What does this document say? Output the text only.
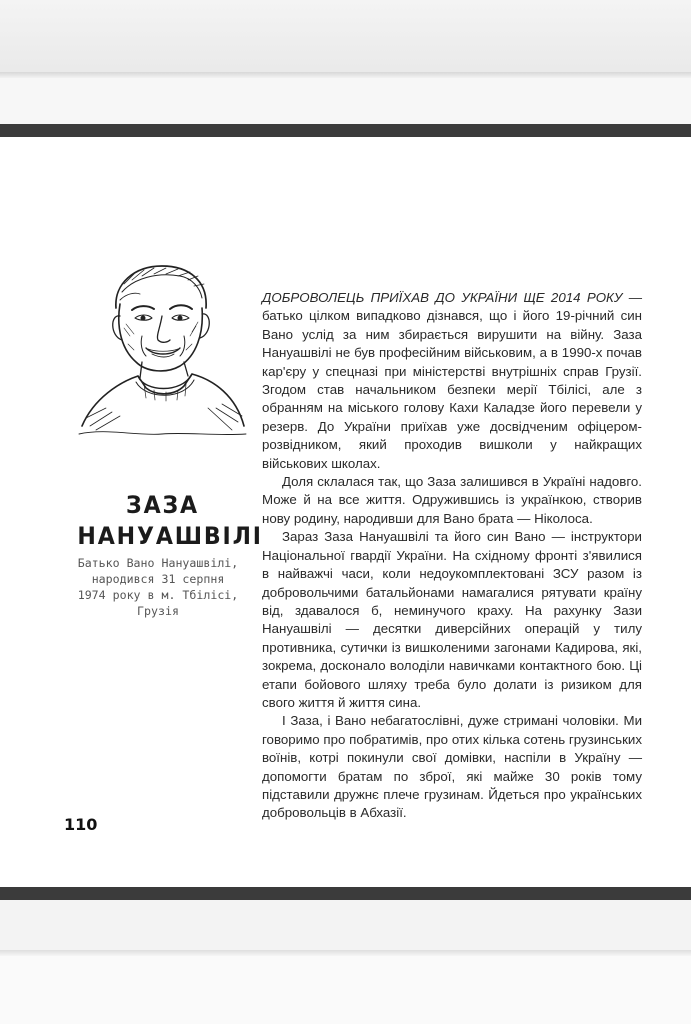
ЗАЗА
НАНУАШВІЛІ
Батько Вано Нануашвілі,
народився 31 серпня
1974 року в м. Тбілісі,
Грузія

ДОБРОВОЛЕЦЬ ПРИЇХАВ ДО УКРАЇНИ ЩЕ 2014 РОКУ — батько цілком випадково дізнався, що і його 19-річний син Вано услід за ним збирається вирушити на війну. Заза Нануашвілі не був професійним військовим, а в 1990-х почав кар'єру у спецназі при міністерстві внутрішніх справ Грузії. Згодом став начальником безпеки мерії Тбілісі, але з обранням на міського голову Кахи Каладзе його перевели у резерв. До України приїхав уже досвідченим офіцером-розвідником, який проходив вишколи у найкращих військових школах.

Доля склалася так, що Заза залишився в Україні надовго. Може й на все життя. Одружившись із українкою, створив нову родину, народивши для Вано брата — Ніколоса.

Зараз Заза Нануашвілі та його син Вано — інструктори Національної гвардії України. На східному фронті з'явилися в найважчі часи, коли недоукомплектовані ЗСУ разом із добровольчими батальйонами намагалися рятувати країну від, здавалося б, неминучого краху. На рахунку Зази Нануашвілі — десятки диверсійних операцій у тилу противника, сутички із вишколеними загонами Кадирова, які, зокрема, досконало володіли навичками контактного бою. Ці етапи бойового шляху треба було долати із ризиком для свого життя й життя сина.

І Заза, і Вано небагатослівні, дуже стримані чоловіки. Ми говоримо про побратимів, про отих кілька сотень грузинських воїнів, котрі покинули свої домівки, наспіли в Україну — допомогти братам по зброї, які майже 30 років тому підставили дружнє плече грузинам. Йдеться про українських добровольців в Абхазії.

110
